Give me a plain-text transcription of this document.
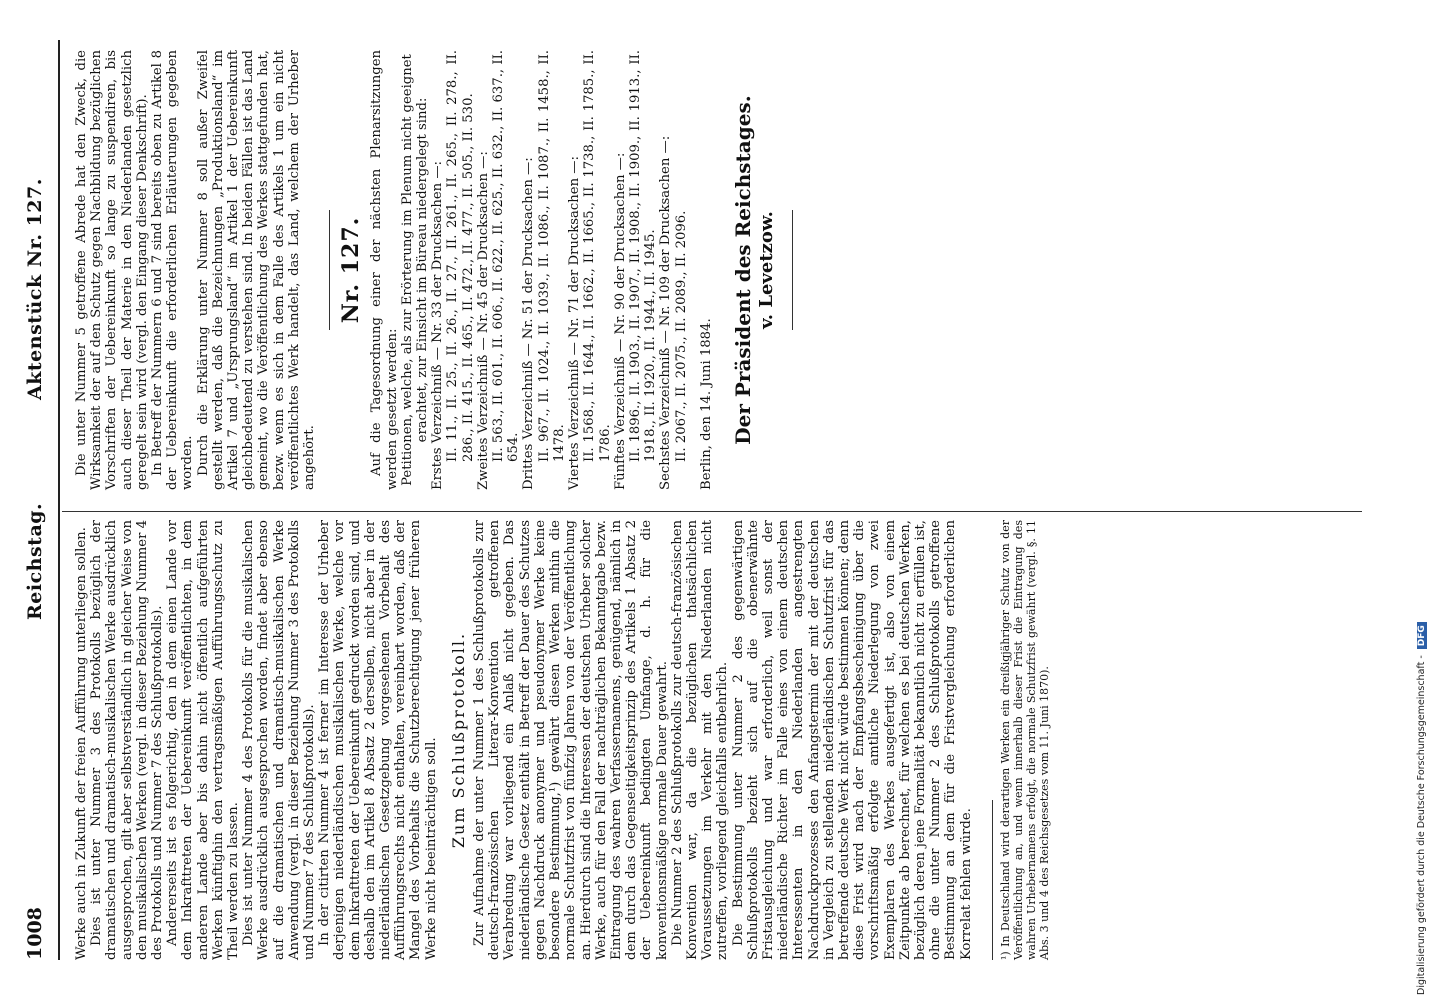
1008
Reichstag.
Aktenstück Nr. 127.

Werke auch in Zukunft der freien Aufführung unterliegen sollen. Dies ist unter Nummer 3 des Protokolls bezüglich der dramatischen und dramatisch-musikalischen Werke ausdrücklich ausgesprochen, gilt aber selbstverständlich in gleicher Weise von den musikalischen Werken (vergl. in dieser Beziehung Nummer 4 des Protokolls und Nummer 7 des Schlußprotokolls). Andererseits ist es folgerichtig, den in dem einen Lande vor dem Inkrafttreten der Uebereinkunft veröffentlichten, in dem anderen Lande aber bis dahin nicht öffentlich aufgeführten Werken künftighin den vertragsmäßigen Aufführungsschutz zu Theil werden zu lassen. Dies ist unter Nummer 4 des Protokolls für die musikalischen Werke ausdrücklich ausgesprochen worden, findet aber ebenso auf die dramatischen und dramatisch-musikalischen Werke Anwendung (vergl. in dieser Beziehung Nummer 3 des Protokolls und Nummer 7 des Schlußprotokolls). In der citirten Nummer 4 ist ferner im Interesse der Urheber derjenigen niederländischen musikalischen Werke, welche vor dem Inkrafttreten der Uebereinkunft gedruckt worden sind, und deshalb den im Artikel 8 Absatz 2 derselben, nicht aber in der niederländischen Gesetzgebung vorgesehenen Vorbehalt des Aufführungsrechts nicht enthalten, vereinbart worden, daß der Mangel des Vorbehalts die Schutzberechtigung jener früheren Werke nicht beeinträchtigen soll. Zum Schlußprotokoll. Zur Aufnahme der unter Nummer 1 des Schlußprotokolls zur deutsch-französischen Literar-Konvention getroffenen Verabredung war vorliegend ein Anlaß nicht gegeben. Das niederländische Gesetz enthält in Betreff der Dauer des Schutzes gegen Nachdruck anonymer und pseudonymer Werke keine besondere Bestimmung,¹) gewährt diesen Werken mithin die normale Schutzfrist von fünfzig Jahren von der Veröffentlichung an. Hierdurch sind die Interessen der deutschen Urheber solcher Werke, auch für den Fall der nachträglichen Bekanntgabe bezw. Eintragung des wahren Verfassernamens, genügend, nämlich in dem durch das Gegenseitigkeitsprinzip des Artikels 1 Absatz 2 der Uebereinkunft bedingten Umfange, d. h. für die konventionsmäßige normale Dauer gewahrt. Die Nummer 2 des Schlußprotokolls zur deutsch-französischen Konvention war, da die bezüglichen thatsächlichen Voraussetzungen im Verkehr mit den Niederlanden nicht zutreffen, vorliegend gleichfalls entbehrlich. Die Bestimmung unter Nummer 2 des gegenwärtigen Schlußprotokolls bezieht sich auf die obenerwähnte Fristausgleichung und war erforderlich, weil sonst der niederländische Richter im Falle eines von einem deutschen Interessenten in den Niederlanden angestrengten Nachdruckprozesses den Anfangstermin der mit der deutschen in Vergleich zu stellenden niederländischen Schutzfrist für das betreffende deutsche Werk nicht würde bestimmen können; denn diese Frist wird nach der Empfangsbescheinigung über die vorschriftsmäßig erfolgte amtliche Niederlegung von zwei Exemplaren des Werkes ausgefertigt ist, also von einem Zeitpunkte ab berechnet, für welchen es bei deutschen Werken, bezüglich deren jene Formalität bekanntlich nicht zu erfüllen ist, ohne die unter Nummer 2 des Schlußprotokolls getroffene Bestimmung an dem für die Fristvergleichung erforderlichen Korrelat fehlen würde. ¹) In Deutschland wird derartigen Werken ein dreißigjähriger Schutz von der Veröffentlichung an, und wenn innerhalb dieser Frist die Eintragung des wahren Urhebernamens erfolgt, die normale Schutzfrist gewährt (vergl. §. 11 Abs. 3 und 4 des Reichsgesetzes vom 11. Juni 1870).

Die unter Nummer 5 getroffene Abrede hat den Zweck, die Wirksamkeit der auf den Schutz gegen Nachbildung bezüglichen Vorschriften der Uebereinkunft so lange zu suspendiren, bis auch dieser Theil der Materie in den Niederlanden gesetzlich geregelt sein wird (vergl. den Eingang dieser Denkschrift). In Betreff der Nummern 6 und 7 sind bereits oben zu Artikel 8 der Uebereinkunft die erforderlichen Erläuterungen gegeben worden. Durch die Erklärung unter Nummer 8 soll außer Zweifel gestellt werden, daß die Bezeichnungen „Produktionsland“ im Artikel 7 und „Ursprungsland“ im Artikel 1 der Uebereinkunft gleichbedeutend zu verstehen sind. In beiden Fällen ist das Land gemeint, wo die Veröffentlichung des Werkes stattgefunden hat, bezw. wenn es sich in dem Falle des Artikels 1 um ein nicht veröffentlichtes Werk handelt, das Land, welchem der Urheber angehört.

Nr. 127. Auf die Tagesordnung einer der nächsten Plenarsitzungen werden gesetzt werden: Petitionen, welche, als zur Erörterung im Plenum nicht geeignet erachtet, zur Einsicht im Büreau niedergelegt sind: Erstes Verzeichniß — Nr. 33 der Drucksachen —: II. 11., II. 25., II. 26., II. 27., II. 261., II. 265., II. 278., II. 286., II. 415., II. 465., II. 472., II. 477., II. 505., II. 530. Zweites Verzeichniß — Nr. 45 der Drucksachen —: II. 563., II. 601., II. 606., II. 622., II. 625., II. 632., II. 637., II. 654. Drittes Verzeichniß — Nr. 51 der Drucksachen —: II. 967., II. 1024., II. 1039., II. 1086., II. 1087., II. 1458., II. 1478. Viertes Verzeichniß — Nr. 71 der Drucksachen —: II. 1568., II. 1644., II. 1662., II. 1665., II. 1738., II. 1785., II. 1786. Fünftes Verzeichniß — Nr. 90 der Drucksachen —: II. 1896., II. 1903., II. 1907., II. 1908., II. 1909., II. 1913., II. 1918., II. 1920., II. 1944., II. 1945. Sechstes Verzeichniß — Nr. 109 der Drucksachen —: II. 2067., II. 2075., II. 2089., II. 2096. Berlin, den 14. Juni 1884. Der Präsident des Reichstages. v. Levetzow.
Digitalisierung gefördert durch die Deutsche Forschungsgemeinschaft -DFG
